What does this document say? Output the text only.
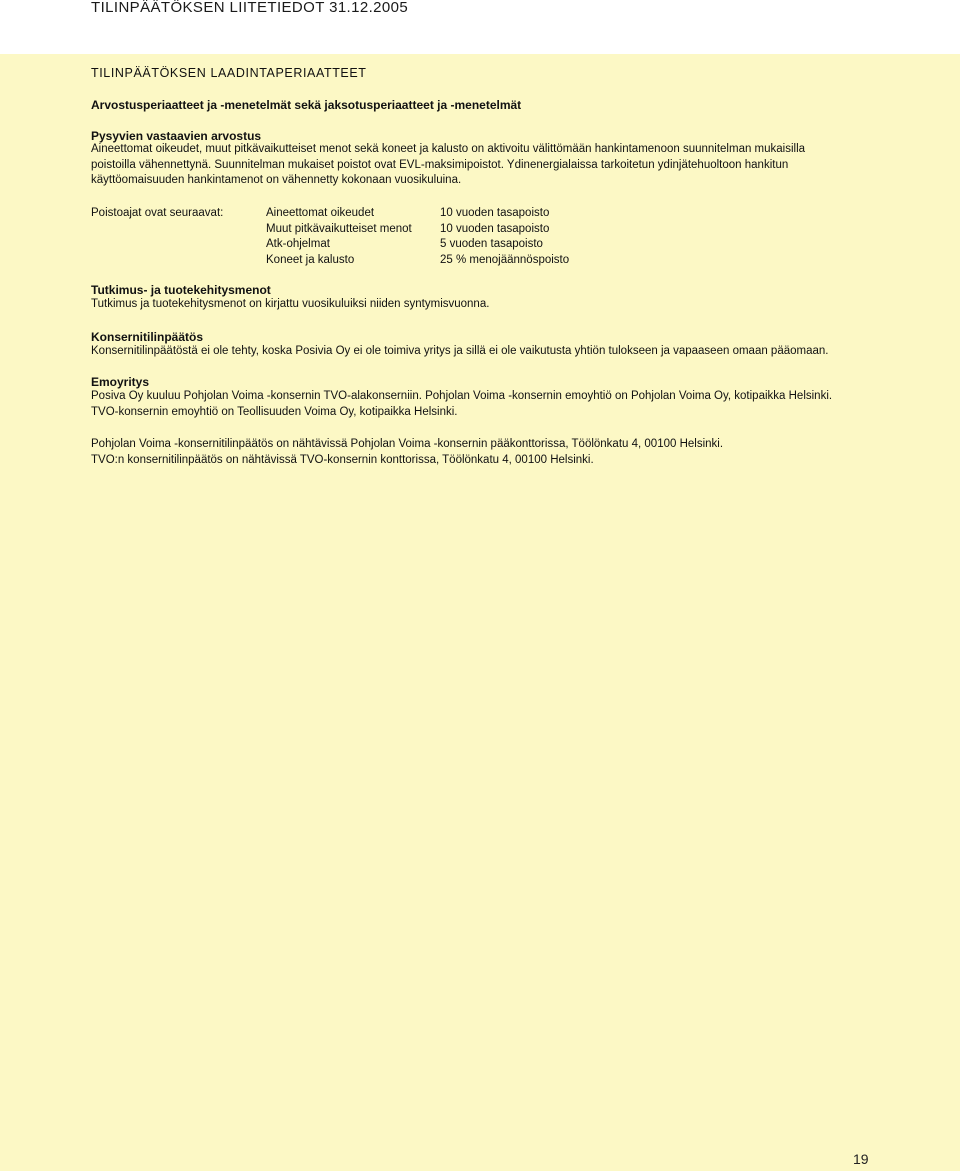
TILINPÄÄTÖKSEN LIITETIEDOT 31.12.2005
TILINPÄÄTÖKSEN LAADINTAPERIAATTEET
Arvostusperiaatteet ja -menetelmät sekä jaksotusperiaatteet ja -menetelmät
Pysyvien vastaavien arvostus
Aineettomat oikeudet, muut pitkävaikutteiset menot sekä koneet ja kalusto on aktivoitu välittömään hankintamenoon suunnitelman mukaisilla
poistoilla vähennettynä. Suunnitelman mukaiset poistot ovat EVL-maksimipoistot. Ydinenergialaissa tarkoitetun ydinjätehuoltoon hankitun
käyttöomaisuuden hankintamenot on vähennetty kokonaan vuosikuluina.
Poistoajat ovat seuraavat:	Aineettomat oikeudet	10 vuoden tasapoisto
Muut pitkävaikutteiset menot 10 vuoden tasapoisto
Atk-ohjelmat	5 vuoden tasapoisto
Koneet ja kalusto	25 % menojäännöspoisto
Tutkimus- ja tuotekehitysmenot
Tutkimus ja tuotekehitysmenot on kirjattu vuosikuluiksi niiden syntymisvuonna.
Konsernitilinpäätös
Konsernitilinpäätöstä ei ole tehty, koska Posivia Oy ei ole toimiva yritys ja sillä ei ole vaikutusta yhtiön tulokseen ja vapaaseen omaan pääomaan.
Emoyritys
Posiva Oy kuuluu Pohjolan Voima -konsernin TVO-alakonserniin. Pohjolan Voima -konsernin emoyhtiö on Pohjolan Voima Oy, kotipaikka Helsinki.
TVO-konsernin emoyhtiö on Teollisuuden Voima Oy, kotipaikka Helsinki.
Pohjolan Voima -konsernitilinpäätös on nähtävissä Pohjolan Voima -konsernin pääkonttorissa, Töölönkatu 4, 00100 Helsinki.
TVO:n konsernitilinpäätös on nähtävissä TVO-konsernin konttorissa, Töölönkatu 4, 00100 Helsinki.
19
